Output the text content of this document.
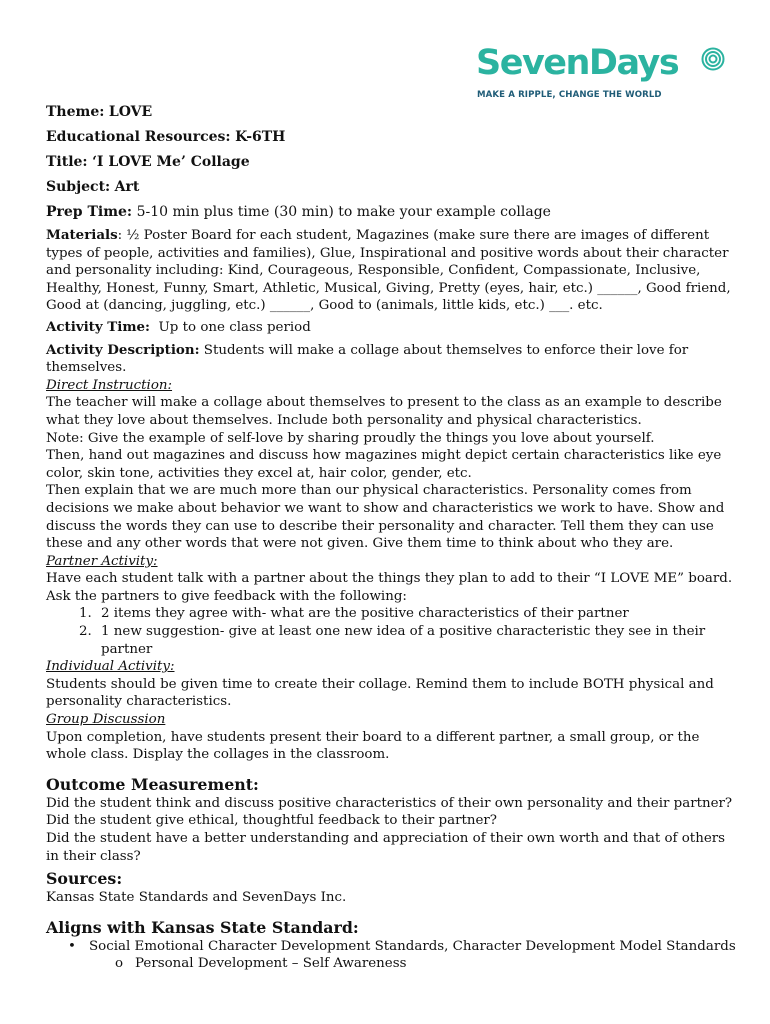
SevenDays
MAKE A RIPPLE, CHANGE THE WORLD
Theme: LOVE
Educational Resources: K-6TH
Title: ‘I LOVE Me’ Collage
Subject: Art
Prep Time: 5-10 min plus time (30 min) to make your example collage

Materials: ½ Poster Board for each student, Magazines (make sure there are images of different types of people, activities and families), Glue, Inspirational and positive words about their character and personality including: Kind, Courageous, Responsible, Confident, Compassionate, Inclusive, Healthy, Honest, Funny, Smart, Athletic, Musical, Giving, Pretty (eyes, hair, etc.) ______, Good friend, Good at (dancing, juggling, etc.) ______, Good to (animals, little kids, etc.) ___. etc.

Activity Time: Up to one class period

Activity Description: Students will make a collage about themselves to enforce their love for themselves.

Direct Instruction:

The teacher will make a collage about themselves to present to the class as an example to describe what they love about themselves. Include both personality and physical characteristics.

Note: Give the example of self-love by sharing proudly the things you love about yourself.

Then, hand out magazines and discuss how magazines might depict certain characteristics like eye color, skin tone, activities they excel at, hair color, gender, etc.

Then explain that we are much more than our physical characteristics. Personality comes from decisions we make about behavior we want to show and characteristics we work to have. Show and discuss the words they can use to describe their personality and character. Tell them they can use these and any other words that were not given. Give them time to think about who they are.

Partner Activity:

Have each student talk with a partner about the things they plan to add to their “I LOVE ME” board.

Ask the partners to give feedback with the following:

1. 2 items they agree with- what are the positive characteristics of their partner
2. 1 new suggestion- give at least one new idea of a positive characteristic they see in their partner
Individual Activity:

Students should be given time to create their collage. Remind them to include BOTH physical and personality characteristics.

Group Discussion

Upon completion, have students present their board to a different partner, a small group, or the whole class. Display the collages in the classroom.

Outcome Measurement:

Did the student think and discuss positive characteristics of their own personality and their partner?

Did the student give ethical, thoughtful feedback to their partner?

Did the student have a better understanding and appreciation of their own worth and that of others in their class?

Sources:

Kansas State Standards and SevenDays Inc.

Aligns with Kansas State Standard:
• Social Emotional Character Development Standards, Character Development Model Standards
o Personal Development – Self Awareness
